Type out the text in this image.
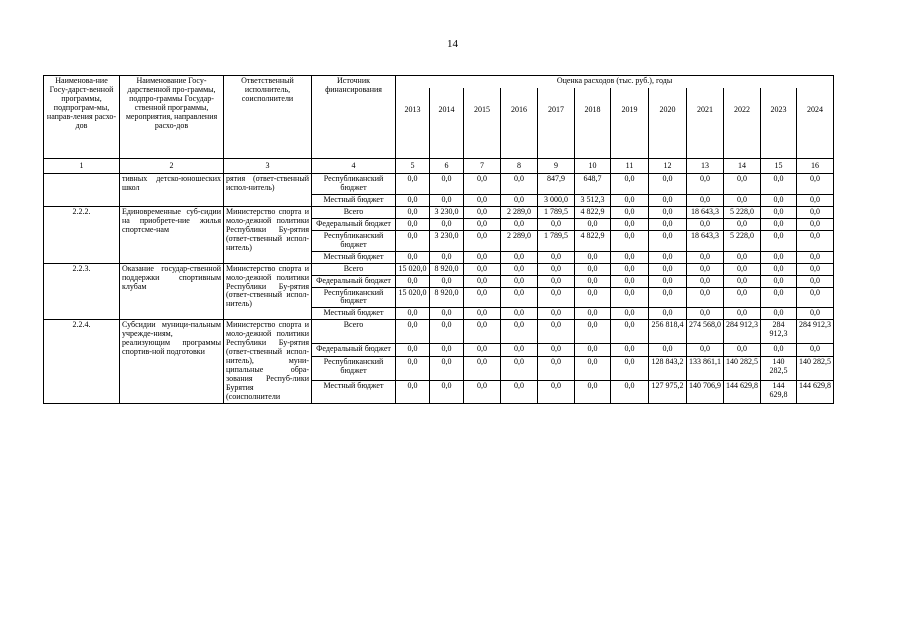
14
Наименова-ние Госу-дарст-венной программы, подпрограм-мы, направ-ления расхо-дов	Наименование Госу-дарственной про-граммы, подпро-граммы Государ-ственной программы, мероприятия, направления расхо-дов	Ответственный исполнитель, соисполнители	Источник финансирования	Оценка расходов (тыс. руб.), годы											
				2013	2014	2015	2016	2017	2018	2019	2020	2021	2022	2023	2024
1	2	3	4	5	6	7	8	9	10	11	12	13	14	15	16
	тивных детско-юношеских школ	рятия (ответ-ственный испол-нитель)	Республиканский бюджет	0,0	0,0	0,0	0,0	847,9	648,7	0,0	0,0	0,0	0,0	0,0	0,0
			Местный бюджет	0,0	0,0	0,0	0,0	3 000,0	3 512,3	0,0	0,0	0,0	0,0	0,0	0,0
2.2.2.	Единовременные суб-сидии на приобрете-ние жилья спортсме-нам	Министерство спорта и моло-дежной политики Республики Бу-рятия (ответ-ственный испол-нитель)	Всего	0,0	3 230,0	0,0	2 289,0	1 789,5	4 822,9	0,0	0,0	18 643,3	5 228,0	0,0	0,0
			Федеральный бюджет	0,0	0,0	0,0	0,0	0,0	0,0	0,0	0,0	0,0	0,0	0,0	0,0
			Республиканский бюджет	0,0	3 230,0	0,0	2 289,0	1 789,5	4 822,9	0,0	0,0	18 643,3	5 228,0	0,0	0,0
			Местный бюджет	0,0	0,0	0,0	0,0	0,0	0,0	0,0	0,0	0,0	0,0	0,0	0,0
2.2.3.	Оказание государ-ственной поддержки спортивным клубам	Министерство спорта и моло-дежной политики Республики Бу-рятия (ответ-ственный испол-нитель)	Всего	15 020,0	8 920,0	0,0	0,0	0,0	0,0	0,0	0,0	0,0	0,0	0,0	0,0
			Федеральный бюджет	0,0	0,0	0,0	0,0	0,0	0,0	0,0	0,0	0,0	0,0	0,0	0,0
			Республиканский бюджет	15 020,0	8 920,0	0,0	0,0	0,0	0,0	0,0	0,0	0,0	0,0	0,0	0,0
			Местный бюджет	0,0	0,0	0,0	0,0	0,0	0,0	0,0	0,0	0,0	0,0	0,0	0,0
2.2.4.	Субсидии муници-пальным учрежде-ниям, реализующим программы спортив-ной подготовки	Министерство спорта и моло-дежной политики Республики Бу-рятия (ответ-ственный испол-нитель), муни-ципальные обра-зования Респуб-лики Бурятия (соисполнители	Всего	0,0	0,0	0,0	0,0	0,0	0,0	0,0	256 818,4	274 568,0	284 912,3	284 912,3	284 912,3
			Федеральный бюджет	0,0	0,0	0,0	0,0	0,0	0,0	0,0	0,0	0,0	0,0	0,0	0,0
			Республиканский бюджет	0,0	0,0	0,0	0,0	0,0	0,0	0,0	128 843,2	133 861,1	140 282,5	140 282,5	140 282,5
			Местный бюджет	0,0	0,0	0,0	0,0	0,0	0,0	0,0	127 975,2	140 706,9	144 629,8	144 629,8	144 629,8
